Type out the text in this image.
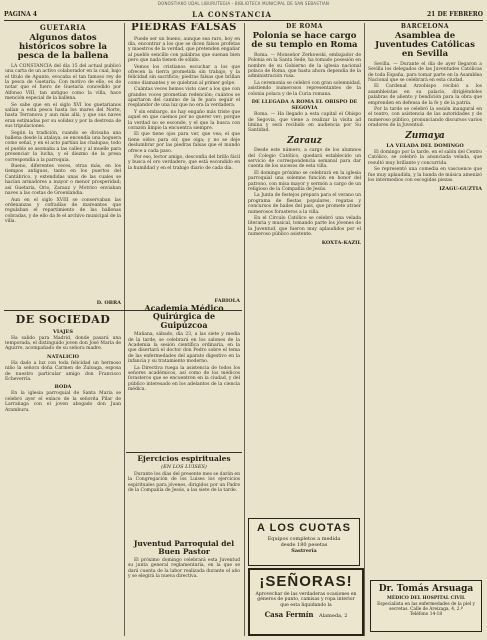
DONOSTIAKO UDAL LIBURUTEGIA - BIBLIOTECA MUNICIPAL DE SAN SEBASTIAN
PAGINA 4	LA CONSTANCIA	21 DE FEBRERO
GUETARIA
Algunos datos históricos sobre la pesca de la ballena

LA CONSTANCIA del día 15 del actual publicó una carta de un activo colaborador en la cual, bajo el título de Apunte, evocaba el tan famoso rey de la pesca de Guetaria. Con motivo de ello, es de notar que el fuero de Guetaria concedido por Alfonso VIII, tan antiguo como la villa, hace mención especial de la ballena.

Se sabe que en el siglo XVI los guetarianos salían a esta pesca hasta los mares del Norte, hasta Terranova y aun más allá, y que sus naves eran estimadas por su solidez y por la destreza de sus tripulaciones.

Según la tradición, cuando se divisaba una ballena desde la atalaya, se encendía una hoguera como señal, y en el acto partían las chalupas; todo el pueblo se asomaba a las calles y al muelle para presenciar la lucha, y el diezmo de la presa correspondía a la parroquia.

Bueno, diferentes veces, otras más, en los tiempos antiguos, tanto en los puertos del Cantábrico, y extendidas unas de las cuales se hacían armadores a mayor o menor prosperidad; así Guetaria, Orio, Zarauz y Motrico enviaban naves a las costas de Groenlandia.

Aun en el siglo XVIII se conservaban las ordenanzas y cofradías de mareantes que regulaban el repartimiento de las ballenas cobradas, y de ello da fe el archivo municipal de la villa.

D. OBRA
DE SOCIEDAD
VIAJES

Ha salido para Madrid, donde pasará una temporada, el distinguido joven don José María de Aguirre, acompañado de su señora madre.

NATALICIO

Ha dado a luz con toda felicidad un hermoso niño la señora doña Carmen de Zuloaga, esposa de nuestro particular amigo don Francisco Echeverría.

BODA

En la iglesia parroquial de Santa María se celebró ayer el enlace de la señorita Pilar de Larrañaga con el joven abogado don Juan Aramburu.

PIEDRAS FALSAS

Puede ser un bueno, aunque sea raro, hoy en día, encontrar a los que se dicen falsos profetas y maestros de la verdad, que pretenden engañar al pueblo sencillo con palabras que suenan bien pero que nada tienen de sólido.

Vemos los cristianos escuchar a los que ofrecen la tierra prometida sin trabajo, y la felicidad sin sacrificio; piedras falsas que brillan como diamantes y se quiebran al primer golpe.

Cuántas veces hemos visto caer a los que con grandes voces prometían redención; cuántos se apartaron del camino de la fe para seguir el resplandor de una luz que no era la verdadera.

Y sin embargo, no hay engaño más triste que aquel en que caemos por no querer ver; porque la verdad no se esconde, y el que la busca con corazón limpio la encuentra siempre.

El que tiene ojos para ver, que vea; el que tiene oídos para oír, que oiga; y no se deje deslumbrar por las piedras falsas que el mundo ofrece a cada paso.

Por eso, lector amigo, desconfía del brillo fácil y busca el oro verdadero, que está escondido en la humildad y en el trabajo diario de cada día.

FABIOLA
Academia Médico Quirúrgica de Guipúzcoa

Mañana, sábado, día 23, a las siete y media de la tarde, se celebrará en los salones de la Academia la sesión científica ordinaria, en la que disertará el doctor don Pedro sobre el tema de las enfermedades del aparato digestivo en la infancia y su tratamiento moderno.

La Directiva ruega la asistencia de todos los señores académicos, así como de los médicos forasteros que se encuentren en la ciudad, y del público interesado en los adelantos de la ciencia médica.

Ejercicios espirituales
(EN LOS LUISES)

Durante los días del presente mes se darán en la Congregación de los Luises los ejercicios espirituales para jóvenes, dirigidos por un Padre de la Compañía de Jesús, a las siete de la tarde.

Juventud Parroquial del Buen Pastor

El próximo domingo celebrará esta Juventud su junta general reglamentaria, en la que se dará cuenta de la labor realizada durante el año y se elegirá la nueva directiva.

DE ROMA
Polonia se hace cargo de su templo en Roma

Roma. — Monseñor Zerkowski, embajador de Polonia en la Santa Sede, ha tomado posesión en nombre de su Gobierno de la iglesia nacional polaca de Roma, que hasta ahora dependía de la administración rusa.

La ceremonia se celebró con gran solemnidad, asistiendo numerosos representantes de la colonia polaca y de la Curia romana.

DE LLEGADA A ROMA EL OBISPO DE SEGOVIA

Roma. — Ha llegado a esta capital el Obispo de Segovia, que viene a realizar la visita ad limina y será recibido en audiencia por Su Santidad.

Zarauz

Desde este número, a cargo de los alumnos del Colegio Católico, quedará establecido un servicio de correspondencia semanal para dar cuenta de los sucesos de esta villa.

El domingo próximo se celebrará en la iglesia parroquial una solemne función en honor del patrono, con misa mayor y sermón a cargo de un religioso de la Compañía de Jesús.

La Junta de festejos prepara para el verano un programa de fiestas populares, regatas y concursos de bailes del país, que promete atraer numerosos forasteros a la villa.

En el Círculo Católico se celebró una velada literaria y musical, tomando parte los jóvenes de la Juventud, que fueron muy aplaudidos por el numeroso público asistente.

KOXTA-KAZIL
BARCELONA
Asamblea de Juventudes Católicas en Sevilla

Sevilla. — Durante el día de ayer llegaron a Sevilla los delegados de las Juventudes Católicas de toda España, para tomar parte en la Asamblea Nacional que se celebrará en esta ciudad.

El Cardenal Arzobispo recibió a los asambleístas en su palacio, dirigiéndoles palabras de aliento y bendición para la obra que emprenden en defensa de la fe y de la patria.

Por la tarde se celebró la sesión inaugural en el teatro, con asistencia de las autoridades y de numeroso público, pronunciando discursos varios oradores de la Juventud.

Zumaya
LA VELADA DEL DOMINGO

El domingo por la tarde, en el salón del Centro Católico, se celebró la anunciada velada, que resultó muy brillante y concurrida.

Se representó una comedia en vascuence que fue muy aplaudida, y la banda de música amenizó los intermedios con escogidas piezas.

IZAGU-GUZTIA
Dr. Tomás Arsuaga
MÉDICO DEL HOSPITAL CIVIL
Especialista en las enfermedades de la piel y secretas. Calle de Areizaga, 4, 2.º
Teléfono 14-18
A LOS CUOTAS
Equipos completos a medida
desde 180 pesetas
Sastrería
¡SEÑORAS!
Aprovechar de las verdaderas ocasiones en géneros de punto, camisas y ropa interior que esta liquidando la
Casa Fermín Alameda, 2
